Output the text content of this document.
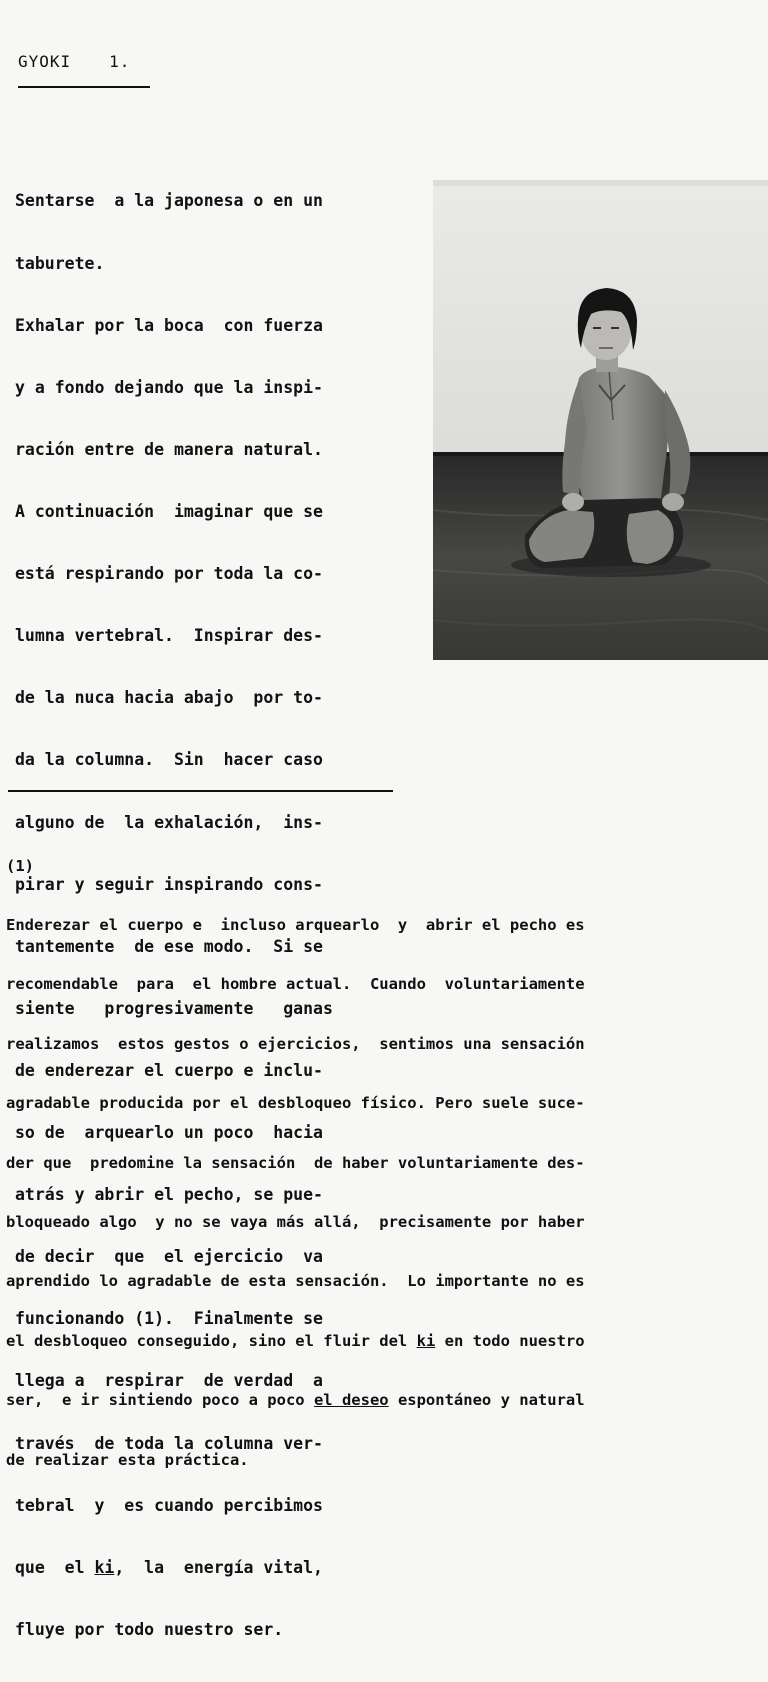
GYOKI 1.

Sentarse  a la japonesa o en un

taburete.

Exhalar por la boca  con fuerza

y a fondo dejando que la inspi-

ración entre de manera natural.

A continuación  imaginar que se

está respirando por toda la co-

lumna vertebral.  Inspirar des-

de la nuca hacia abajo  por to-

da la columna.  Sin  hacer caso

alguno de  la exhalación,  ins-

pirar y seguir inspirando cons-

tantemente  de ese modo.  Si se

siente   progresivamente   ganas

de enderezar el cuerpo e inclu-

so de  arquearlo un poco  hacia

atrás y abrir el pecho, se pue-

de decir  que  el ejercicio  va

funcionando (1).  Finalmente se

llega a  respirar  de verdad  a

través  de toda la columna ver-

tebral  y  es cuando percibimos

que  el ki,  la  energía vital,

fluye por todo nuestro ser.

(1)

Enderezar el cuerpo e  incluso arquearlo  y  abrir el pecho es

recomendable  para  el hombre actual.  Cuando  voluntariamente

realizamos  estos gestos o ejercicios,  sentimos una sensación

agradable producida por el desbloqueo físico. Pero suele suce-

der que  predomine la sensación  de haber voluntariamente des-

bloqueado algo  y no se vaya más allá,  precisamente por haber

aprendido lo agradable de esta sensación.  Lo importante no es

el desbloqueo conseguido, sino el fluir del ki en todo nuestro

ser,  e ir sintiendo poco a poco el deseo espontáneo y natural

de realizar esta práctica.
